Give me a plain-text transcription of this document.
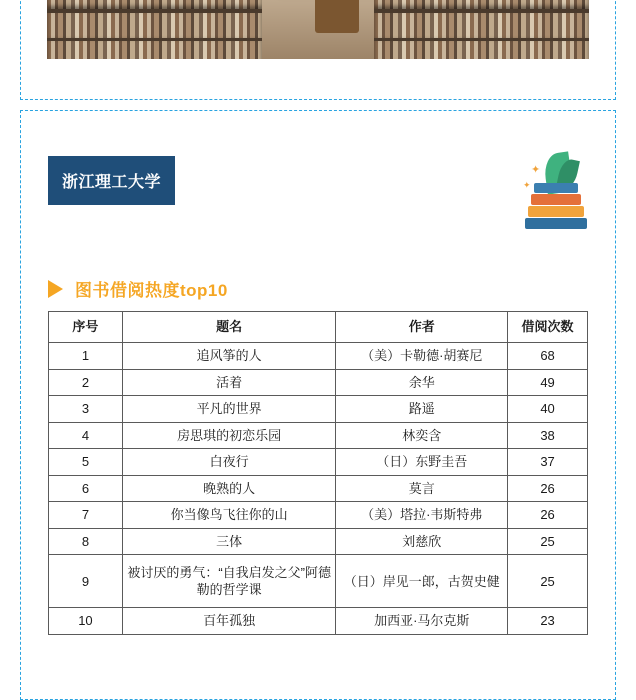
浙江理工大学
✦
✦
图书借阅热度top10
序号	题名	作者	借阅次数
1	追风筝的人	（美）卡勒德·胡赛尼	68
2	活着	余华	49
3	平凡的世界	路遥	40
4	房思琪的初恋乐园	林奕含	38
5	白夜行	（日）东野圭吾	37
6	晚熟的人	莫言	26
7	你当像鸟飞往你的山	（美）塔拉·韦斯特弗	26
8	三体	刘慈欣	25
9	被讨厌的勇气：“自我启发之父”阿德勒的哲学课	（日）岸见一郎，古贺史健	25
10	百年孤独	加西亚·马尔克斯	23
